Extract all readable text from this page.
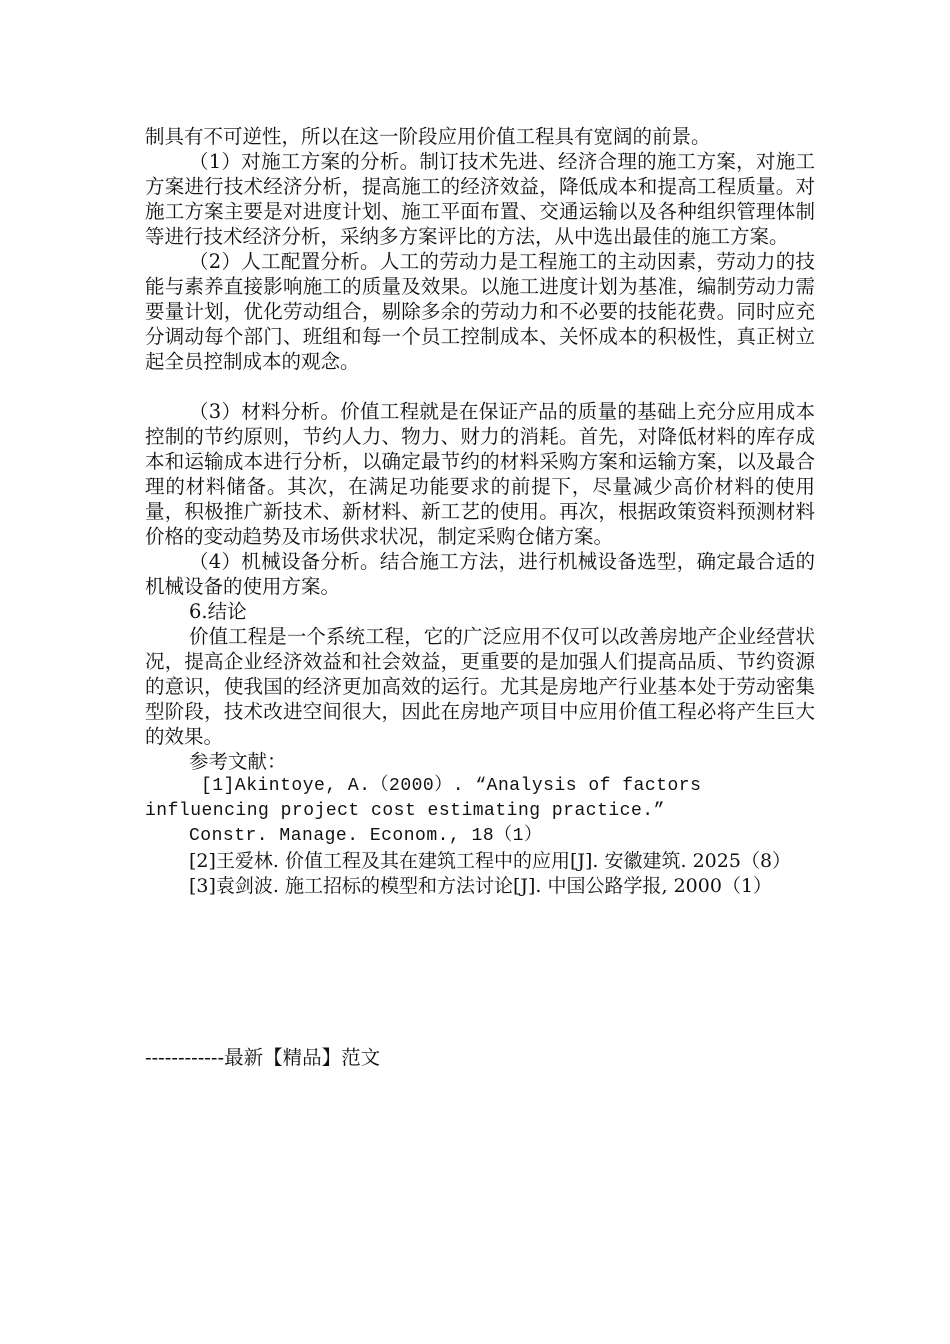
制具有不可逆性，所以在这一阶段应用价值工程具有宽阔的前景。

（1）对施工方案的分析。制订技术先进、经济合理的施工方案，对施工方案进行技术经济分析，提高施工的经济效益，降低成本和提高工程质量。对施工方案主要是对进度计划、施工平面布置、交通运输以及各种组织管理体制等进行技术经济分析，采纳多方案评比的方法，从中选出最佳的施工方案。

（2）人工配置分析。人工的劳动力是工程施工的主动因素，劳动力的技能与素养直接影响施工的质量及效果。以施工进度计划为基准，编制劳动力需要量计划，优化劳动组合，剔除多余的劳动力和不必要的技能花费。同时应充分调动每个部门、班组和每一个员工控制成本、关怀成本的积极性，真正树立起全员控制成本的观念。

（3）材料分析。价值工程就是在保证产品的质量的基础上充分应用成本控制的节约原则，节约人力、物力、财力的消耗。首先，对降低材料的库存成本和运输成本进行分析，以确定最节约的材料采购方案和运输方案，以及最合理的材料储备。其次，在满足功能要求的前提下，尽量减少高价材料的使用量，积极推广新技术、新材料、新工艺的使用。再次，根据政策资料预测材料价格的变动趋势及市场供求状况，制定采购仓储方案。

（4）机械设备分析。结合施工方法，进行机械设备选型，确定最合适的机械设备的使用方案。

6.结论

价值工程是一个系统工程，它的广泛应用不仅可以改善房地产企业经营状况，提高企业经济效益和社会效益，更重要的是加强人们提高品质、节约资源的意识，使我国的经济更加高效的运行。尤其是房地产行业基本处于劳动密集型阶段，技术改进空间很大，因此在房地产项目中应用价值工程必将产生巨大的效果。

参考文献：

[1]Akintoye, A.（2000）. “Analysis of factors

influencing project cost estimating practice.”

Constr. Manage. Econom., 18（1）

[2]王爱林. 价值工程及其在建筑工程中的应用[J]. 安徽建筑. 2025（8）

[3]袁剑波. 施工招标的模型和方法讨论[J]. 中国公路学报, 2000（1）

------------最新【精品】范文
